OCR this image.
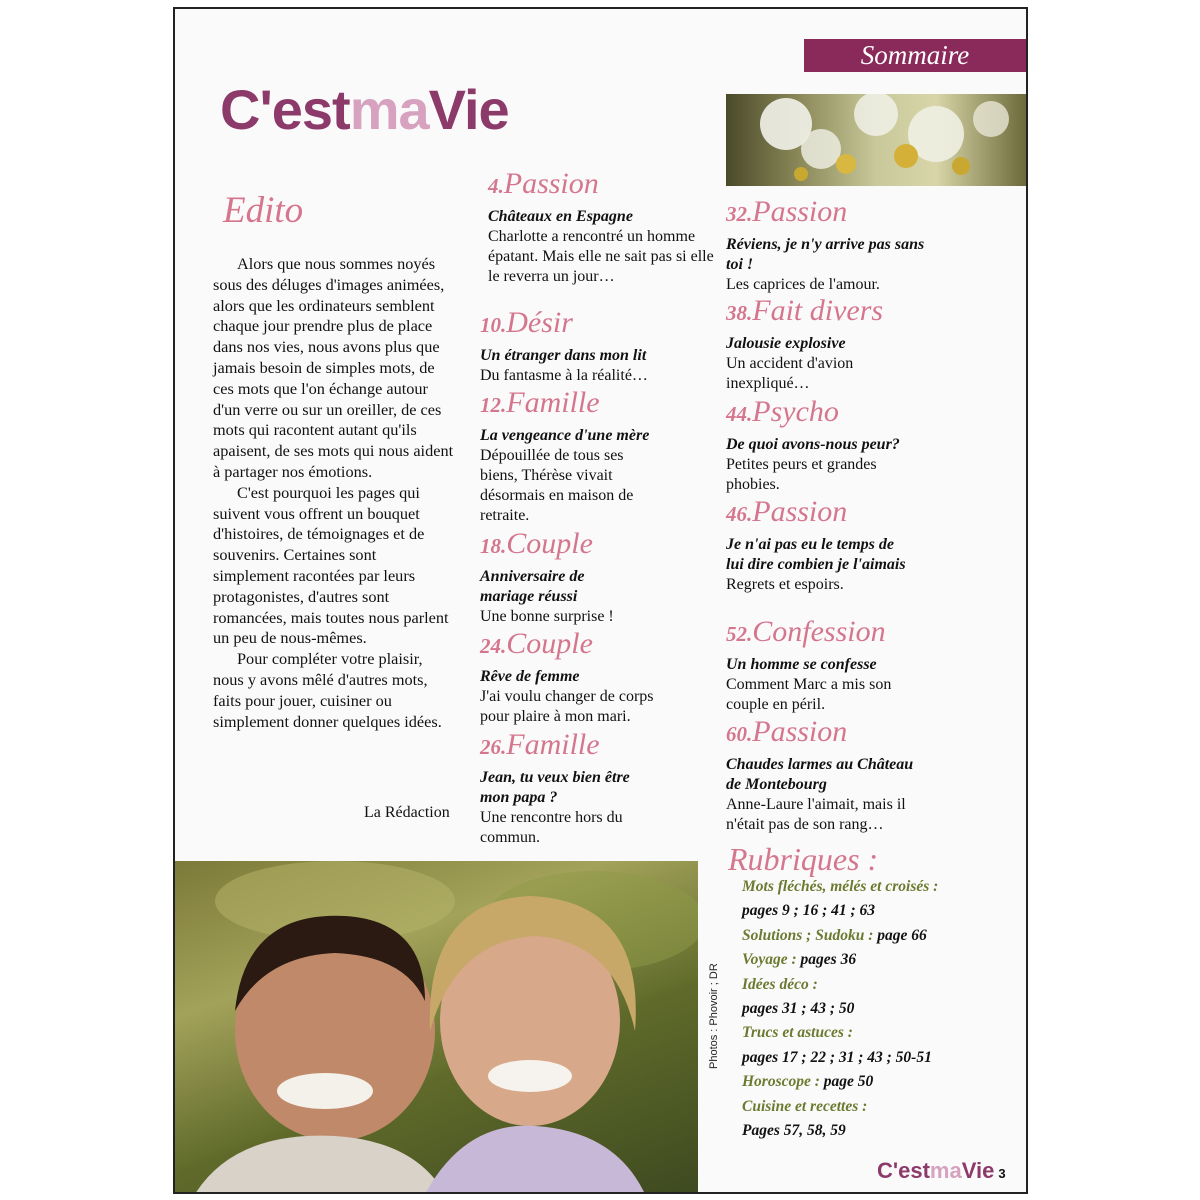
Sommaire
C'estmaVie
Edito

Alors que nous sommes noyés sous des déluges d'images animées, alors que les ordinateurs semblent chaque jour prendre plus de place dans nos vies, nous avons plus que jamais besoin de simples mots, de ces mots que l'on échange autour d'un verre ou sur un oreiller, de ces mots qui racontent autant qu'ils apaisent, de ses mots qui nous aident à partager nos émotions.

C'est pourquoi les pages qui suivent vous offrent un bouquet d'histoires, de témoignages et de souvenirs. Certaines sont simplement racontées par leurs protagonistes, d'autres sont romancées, mais toutes nous parlent un peu de nous-mêmes.

Pour compléter votre plaisir, nous y avons mêlé d'autres mots, faits pour jouer, cuisiner ou simplement donner quelques idées.

La Rédaction
4.Passion
Châteaux en Espagne
Charlotte a rencontré un homme épatant. Mais elle ne sait pas si elle le reverra un jour…
10.Désir
Un étranger dans mon lit
Du fantasme à la réalité…
12.Famille
La vengeance d'une mère
Dépouillée de tous ses biens, Thérèse vivait désormais en maison de retraite.
18.Couple
Anniversaire de mariage réussi
Une bonne surprise !
24.Couple
Rêve de femme
J'ai voulu changer de corps pour plaire à mon mari.
26.Famille
Jean, tu veux bien être mon papa ?
Une rencontre hors du commun.
32.Passion
Réviens, je n'y arrive pas sans toi !
Les caprices de l'amour.
38.Fait divers
Jalousie explosive
Un accident d'avion inexpliqué…
44.Psycho
De quoi avons-nous peur?
Petites peurs et grandes phobies.
46.Passion
Je n'ai pas eu le temps de lui dire combien je l'aimais
Regrets et espoirs.
52.Confession
Un homme se confesse
Comment Marc a mis son couple en péril.
60.Passion
Chaudes larmes au Château de Montebourg
Anne-Laure l'aimait, mais il n'était pas de son rang…
Rubriques :
Mots fléchés, mélés et croisés :
pages 9 ; 16 ; 41 ; 63
Solutions ; Sudoku : page 66
Voyage : pages 36
Idées déco :
pages 31 ; 43 ; 50
Trucs et astuces :
pages 17 ; 22 ; 31 ; 43 ; 50-51
Horoscope : page 50
Cuisine et recettes :
Pages 57, 58, 59
Photos : Phovoir ; DR
C'estmaVie 3
